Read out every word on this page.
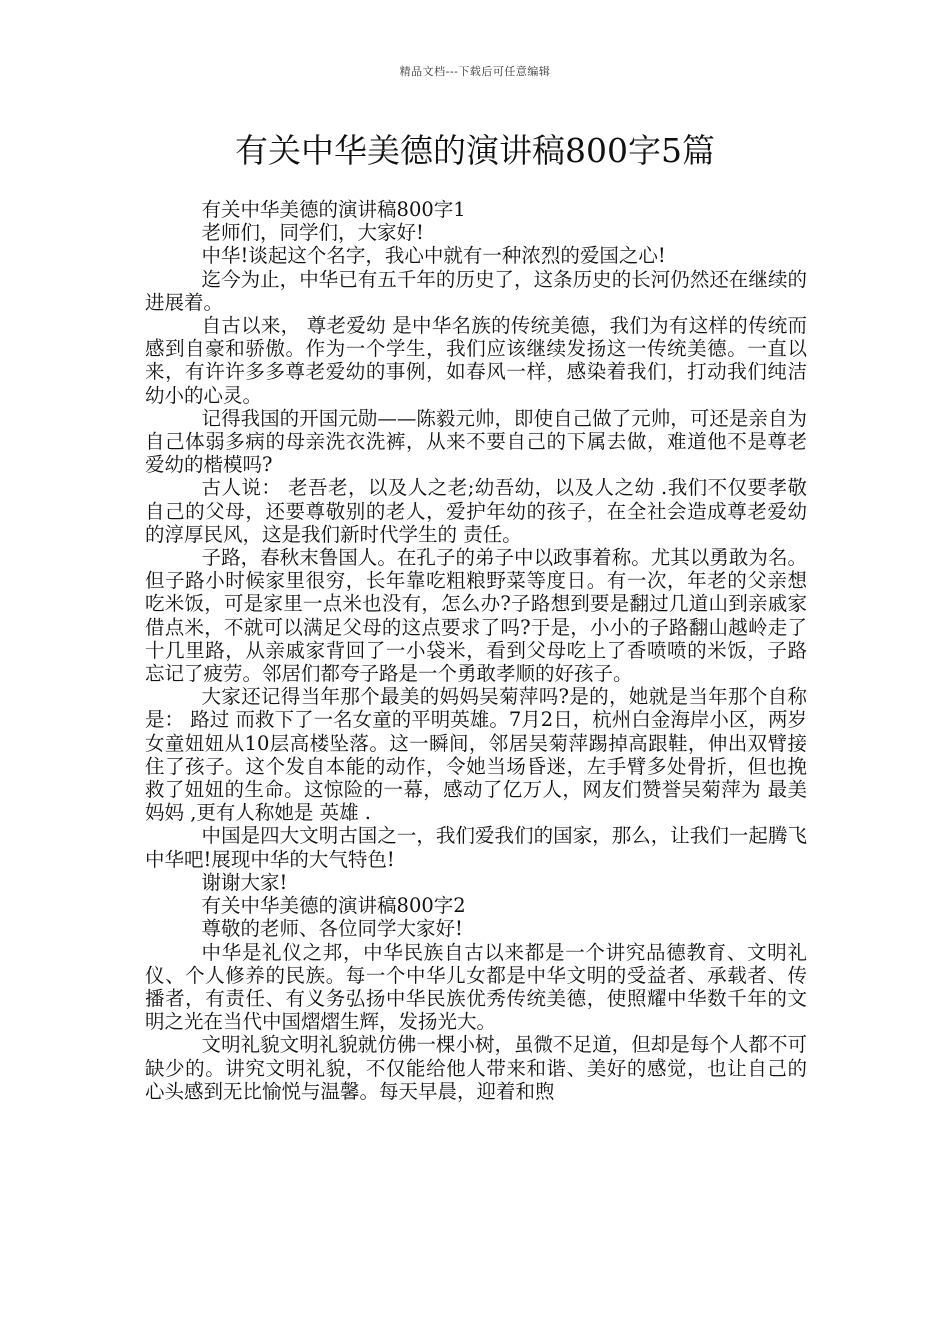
精品文档---下载后可任意编辑
有关中华美德的演讲稿800字5篇

有关中华美德的演讲稿800字1

老师们，同学们，大家好!

中华!谈起这个名字，我心中就有一种浓烈的爱国之心!

迄今为止，中华已有五千年的历史了，这条历史的长河仍然还在继续的进展着。

自古以来， 尊老爱幼 是中华名族的传统美德，我们为有这样的传统而感到自豪和骄傲。作为一个学生，我们应该继续发扬这一传统美德。一直以来，有许许多多尊老爱幼的事例，如春风一样，感染着我们，打动我们纯洁幼小的心灵。

记得我国的开国元勋——陈毅元帅，即使自己做了元帅，可还是亲自为自己体弱多病的母亲洗衣洗裤，从来不要自己的下属去做，难道他不是尊老爱幼的楷模吗?

古人说： 老吾老，以及人之老;幼吾幼，以及人之幼 .我们不仅要孝敬自己的父母，还要尊敬别的老人，爱护年幼的孩子，在全社会造成尊老爱幼的淳厚民风，这是我们新时代学生的 责任。

子路，春秋末鲁国人。在孔子的弟子中以政事着称。尤其以勇敢为名。但子路小时候家里很穷，长年靠吃粗粮野菜等度日。有一次，年老的父亲想吃米饭，可是家里一点米也没有，怎么办?子路想到要是翻过几道山到亲戚家借点米，不就可以满足父母的这点要求了吗?于是，小小的子路翻山越岭走了十几里路，从亲戚家背回了一小袋米，看到父母吃上了香喷喷的米饭，子路忘记了疲劳。邻居们都夸子路是一个勇敢孝顺的好孩子。

大家还记得当年那个最美的妈妈吴菊萍吗?是的，她就是当年那个自称是： 路过 而救下了一名女童的平明英雄。7月2日，杭州白金海岸小区，两岁女童妞妞从10层高楼坠落。这一瞬间，邻居吴菊萍踢掉高跟鞋，伸出双臂接住了孩子。这个发自本能的动作，令她当场昏迷，左手臂多处骨折，但也挽救了妞妞的生命。这惊险的一幕，感动了亿万人，网友们赞誉吴菊萍为 最美妈妈 ,更有人称她是 英雄 .

中国是四大文明古国之一，我们爱我们的国家，那么，让我们一起腾飞中华吧!展现中华的大气特色!

谢谢大家!

有关中华美德的演讲稿800字2

尊敬的老师、各位同学大家好!

中华是礼仪之邦，中华民族自古以来都是一个讲究品德教育、文明礼仪、个人修养的民族。每一个中华儿女都是中华文明的受益者、承载者、传播者，有责任、有义务弘扬中华民族优秀传统美德，使照耀中华数千年的文明之光在当代中国熠熠生辉，发扬光大。

文明礼貌文明礼貌就仿佛一棵小树，虽微不足道，但却是每个人都不可缺少的。讲究文明礼貌，不仅能给他人带来和谐、美好的感觉，也让自己的心头感到无比愉悦与温馨。每天早晨，迎着和煦
